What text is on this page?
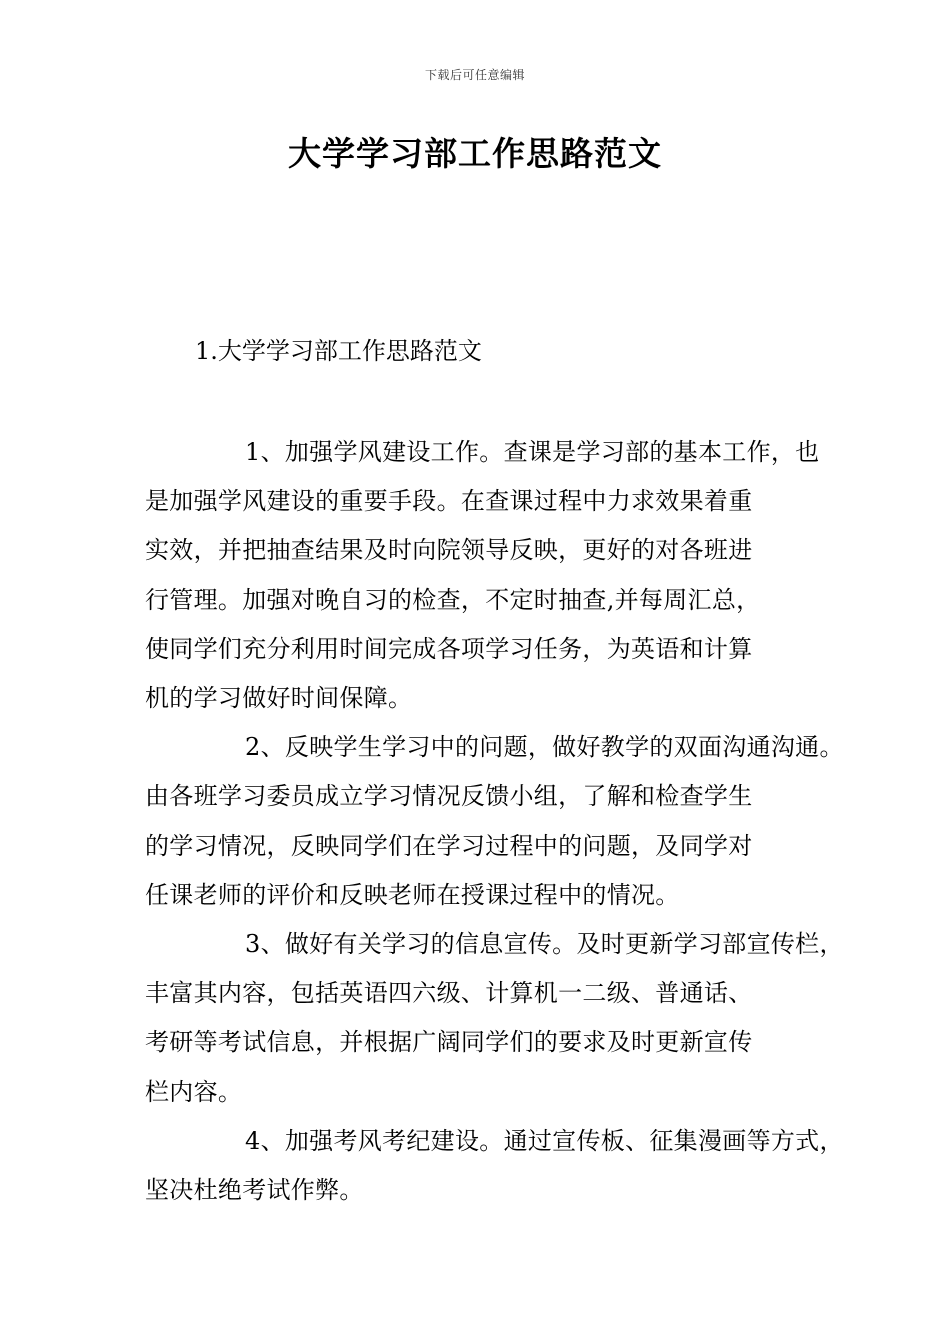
下载后可任意编辑
大学学习部工作思路范文
1.大学学习部工作思路范文

1、加强学风建设工作。查课是学习部的基本工作，也
是加强学风建设的重要手段。在查课过程中力求效果着重
实效，并把抽查结果及时向院领导反映，更好的对各班进
行管理。加强对晚自习的检查，不定时抽查,并每周汇总，
使同学们充分利用时间完成各项学习任务，为英语和计算
机的学习做好时间保障。

2、反映学生学习中的问题，做好教学的双面沟通沟通。
由各班学习委员成立学习情况反馈小组，了解和检查学生
的学习情况，反映同学们在学习过程中的问题，及同学对
任课老师的评价和反映老师在授课过程中的情况。

3、做好有关学习的信息宣传。及时更新学习部宣传栏，
丰富其内容，包括英语四六级、计算机一二级、普通话、
考研等考试信息，并根据广阔同学们的要求及时更新宣传
栏内容。

4、加强考风考纪建设。通过宣传板、征集漫画等方式，
坚决杜绝考试作弊。
